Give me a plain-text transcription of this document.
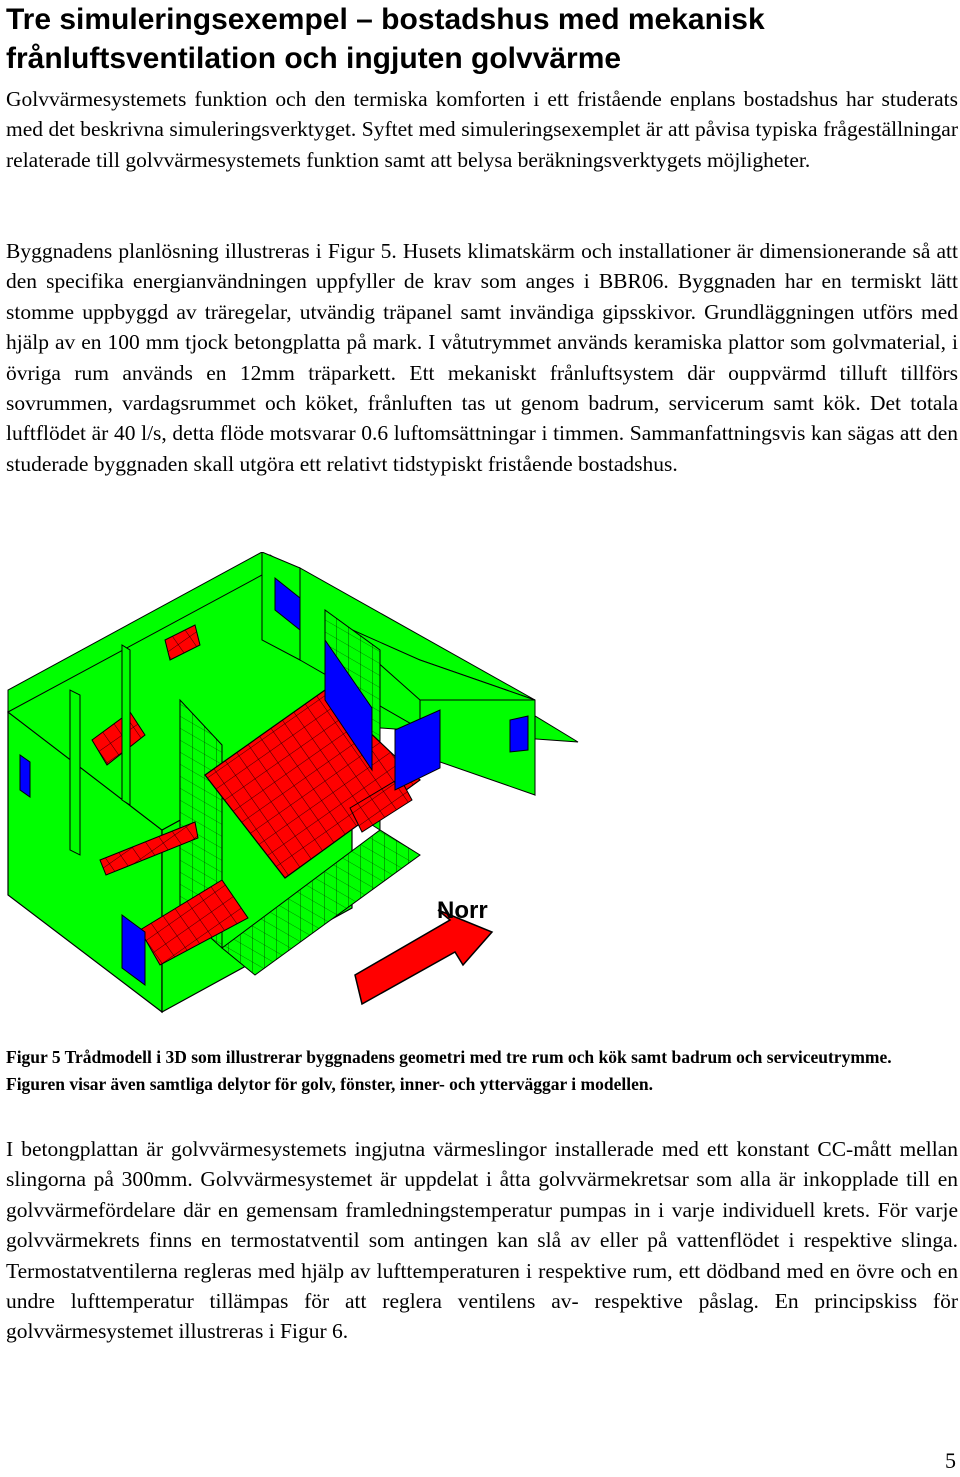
Tre simuleringsexempel – bostadshus med mekanisk
frånluftsventilation och ingjuten golvvärme

Golvvärmesystemets funktion och den termiska komforten i ett fristående enplans bostadshus har studerats med det beskrivna simuleringsverktyget. Syftet med simuleringsexemplet är att påvisa typiska frågeställningar relaterade till golvvärmesystemets funktion samt att belysa beräkningsverktygets möjligheter.

Byggnadens planlösning illustreras i Figur 5. Husets klimatskärm och installationer är dimensionerande så att den specifika energianvändningen uppfyller de krav som anges i BBR06. Byggnaden har en termiskt lätt stomme uppbyggd av träregelar, utvändig träpanel samt invändiga gipsskivor. Grundläggningen utförs med hjälp av en 100 mm tjock betongplatta på mark. I våtutrymmet används keramiska plattor som golvmaterial, i övriga rum används en 12mm träparkett. Ett mekaniskt frånluftsystem där ouppvärmd tilluft tillförs sovrummen, vardagsrummet och köket, frånluften tas ut genom badrum, servicerum samt kök. Det totala luftflödet är 40 l/s, detta flöde motsvarar 0.6 luftomsättningar i timmen. Sammanfattningsvis kan sägas att den studerade byggnaden skall utgöra ett relativt tidstypiskt fristående bostadshus.

Norr

Figur 5 Trådmodell i 3D som illustrerar byggnadens geometri med tre rum och kök samt badrum och serviceutrymme. Figuren visar även samtliga delytor för golv, fönster, inner- och ytterväggar i modellen.

I betongplattan är golvvärmesystemets ingjutna värmeslingor installerade med ett konstant CC-mått mellan slingorna på 300mm. Golvvärmesystemet är uppdelat i åtta golvvärmekretsar som alla är inkopplade till en golvvärmefördelare där en gemensam framledningstemperatur pumpas in i varje individuell krets. För varje golvvärmekrets finns en termostatventil som antingen kan slå av eller på vattenflödet i respektive slinga. Termostatventilerna regleras med hjälp av lufttemperaturen i respektive rum, ett dödband med en övre och en undre lufttemperatur tillämpas för att reglera ventilens av- respektive påslag. En principskiss för golvvärmesystemet illustreras i Figur 6.

5
